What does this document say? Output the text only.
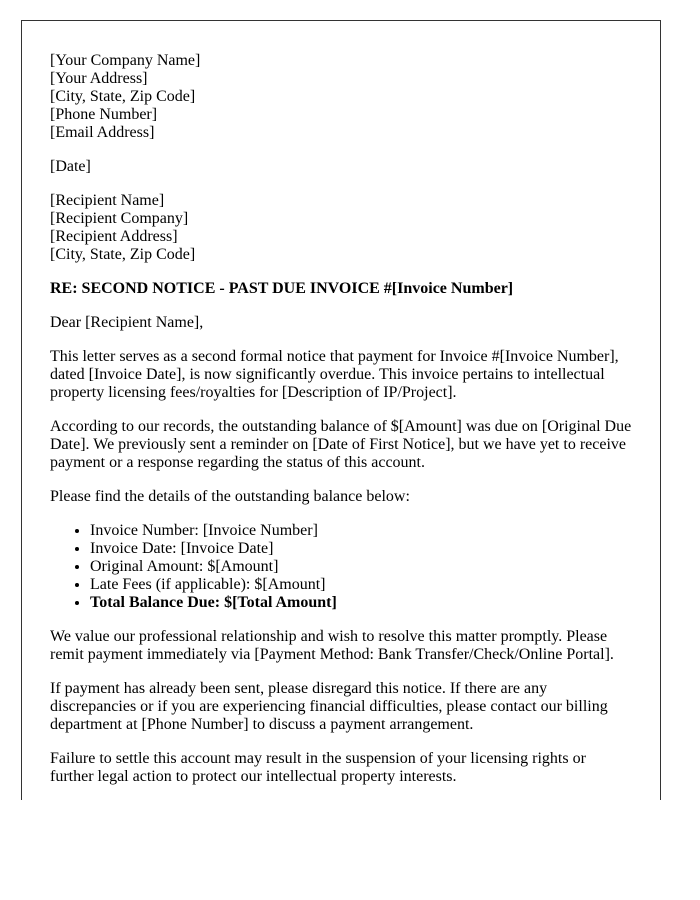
[Your Company Name]
[Your Address]
[City, State, Zip Code]
[Phone Number]
[Email Address]

[Date]

[Recipient Name]
[Recipient Company]
[Recipient Address]
[City, State, Zip Code]

RE: SECOND NOTICE - PAST DUE INVOICE #[Invoice Number]

Dear [Recipient Name],

This letter serves as a second formal notice that payment for Invoice #[Invoice Number], dated [Invoice Date], is now significantly overdue. This invoice pertains to intellectual property licensing fees/royalties for [Description of IP/Project].

According to our records, the outstanding balance of $[Amount] was due on [Original Due Date]. We previously sent a reminder on [Date of First Notice], but we have yet to receive payment or a response regarding the status of this account.

Please find the details of the outstanding balance below:

• Invoice Number: [Invoice Number]
• Invoice Date: [Invoice Date]
• Original Amount: $[Amount]
• Late Fees (if applicable): $[Amount]
• Total Balance Due: $[Total Amount]

We value our professional relationship and wish to resolve this matter promptly. Please remit payment immediately via [Payment Method: Bank Transfer/Check/Online Portal].

If payment has already been sent, please disregard this notice. If there are any discrepancies or if you are experiencing financial difficulties, please contact our billing department at [Phone Number] to discuss a payment arrangement.

Failure to settle this account may result in the suspension of your licensing rights or further legal action to protect our intellectual property interests.
